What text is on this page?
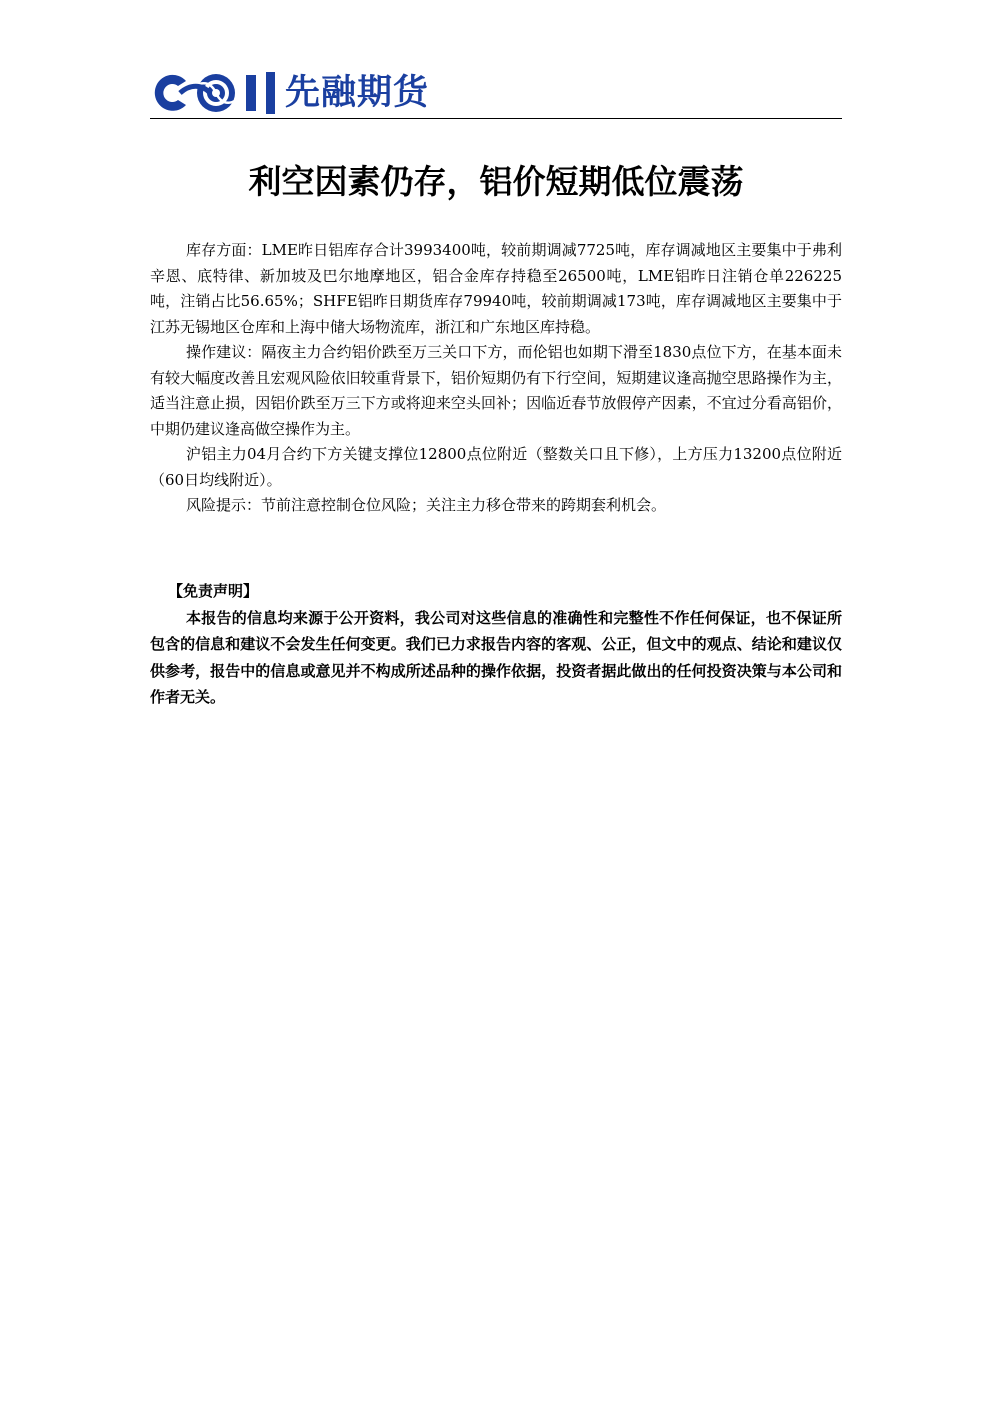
先融期货
利空因素仍存，铝价短期低位震荡

库存方面：LME昨日铝库存合计3993400吨，较前期调减7725吨，库存调减地区主要集中于弗利辛恩、底特律、新加坡及巴尔地摩地区，铝合金库存持稳至26500吨，LME铝昨日注销仓单226225吨，注销占比56.65%；SHFE铝昨日期货库存79940吨，较前期调减173吨，库存调减地区主要集中于江苏无锡地区仓库和上海中储大场物流库，浙江和广东地区库持稳。

操作建议：隔夜主力合约铝价跌至万三关口下方，而伦铝也如期下滑至1830点位下方，在基本面未有较大幅度改善且宏观风险依旧较重背景下，铝价短期仍有下行空间，短期建议逢高抛空思路操作为主，适当注意止损，因铝价跌至万三下方或将迎来空头回补；因临近春节放假停产因素，不宜过分看高铝价，中期仍建议逢高做空操作为主。

沪铝主力04月合约下方关键支撑位12800点位附近（整数关口且下修），上方压力13200点位附近（60日均线附近）。

风险提示：节前注意控制仓位风险；关注主力移仓带来的跨期套利机会。

【免责声明】

本报告的信息均来源于公开资料，我公司对这些信息的准确性和完整性不作任何保证，也不保证所包含的信息和建议不会发生任何变更。我们已力求报告内容的客观、公正，但文中的观点、结论和建议仅供参考，报告中的信息或意见并不构成所述品种的操作依据，投资者据此做出的任何投资决策与本公司和作者无关。
